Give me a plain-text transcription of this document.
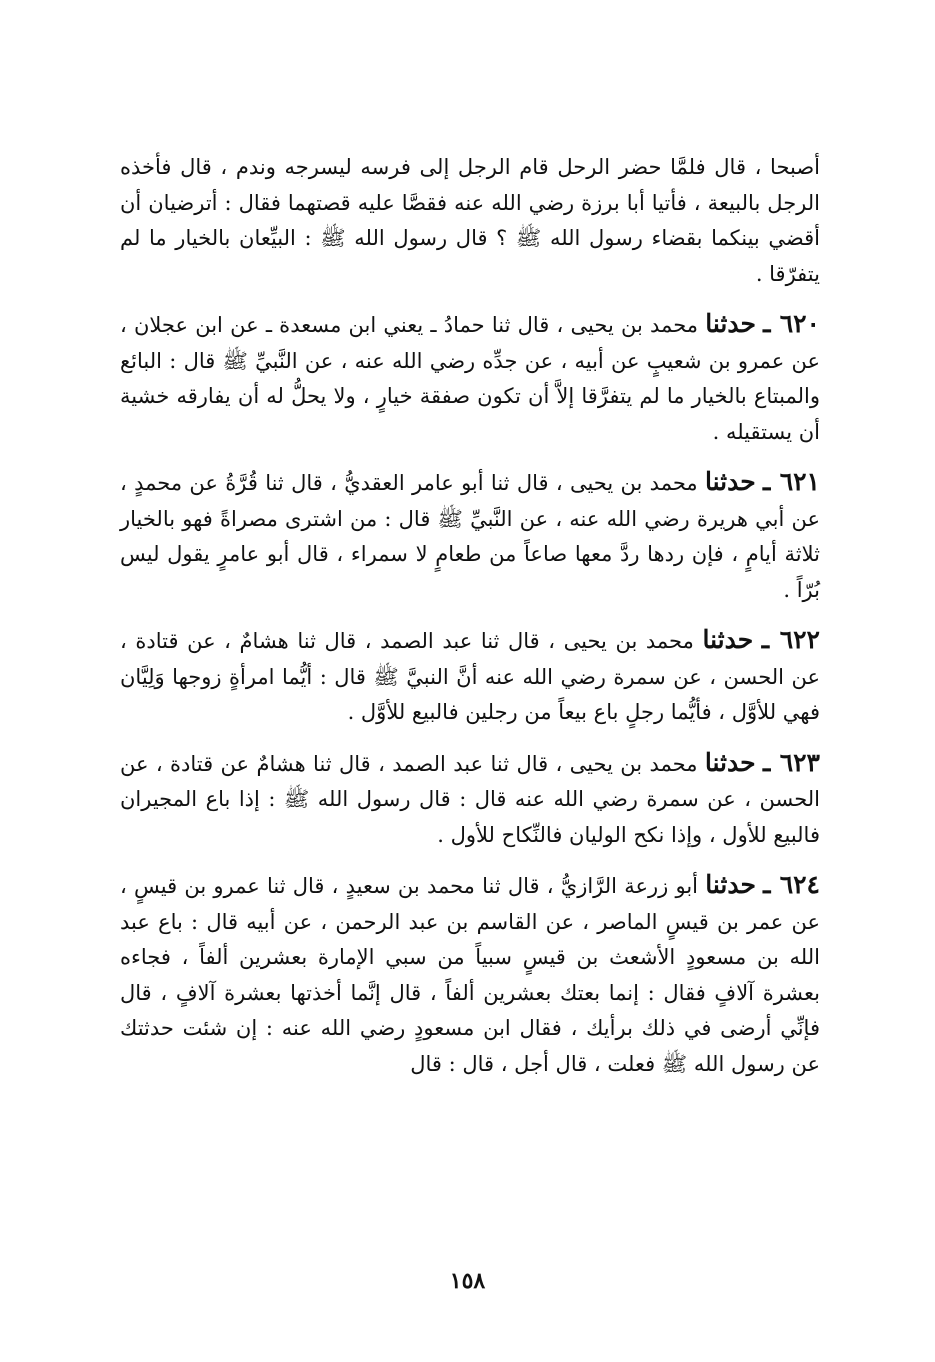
أصبحا ، قال فلمَّا حضر الرحل قام الرجل إلى فرسه ليسرجه وندم ، قال فأخذه الرجل بالبيعة ، فأتيا أبا برزة رضي الله عنه فقصَّا عليه قصتهما فقال : أترضيان أن أقضي بينكما بقضاء رسول الله ﷺ ؟ قال رسول الله ﷺ : البيِّعان بالخيار ما لم يتفرّقا .

٦٢٠ ـ حدثنا محمد بن يحيى ، قال ثنا حمادُ ـ يعني ابن مسعدة ـ عن ابن عجلان ، عن عمرو بن شعيبٍ عن أبيه ، عن جدِّه رضي الله عنه ، عن النَّبيِّ ﷺ قال : البائع والمبتاع بالخيار ما لم يتفرَّقا إلاَّ أن تكون صفقة خيارٍ ، ولا يحلُّ له أن يفارقه خشية أن يستقيله .

٦٢١ ـ حدثنا محمد بن يحيى ، قال ثنا أبو عامر العقديُّ ، قال ثنا قُرَّةُ عن محمدٍ ، عن أبي هريرة رضي الله عنه ، عن النَّبيِّ ﷺ قال : من اشترى مصراةً فهو بالخيار ثلاثة أيامٍ ، فإن ردها ردَّ معها صاعاً من طعامٍ لا سمراء ، قال أبو عامرٍ يقول ليس بُرّاً .

٦٢٢ ـ حدثنا محمد بن يحيى ، قال ثنا عبد الصمد ، قال ثنا هشامٌ ، عن قتادة ، عن الحسن ، عن سمرة رضي الله عنه أنَّ النبيَّ ﷺ قال : أيُّما امرأةٍ زوجها وَلِيَّان فهي للأوَّل ، فأيُّما رجلٍ باع بيعاً من رجلين فالبيع للأوَّل .

٦٢٣ ـ حدثنا محمد بن يحيى ، قال ثنا عبد الصمد ، قال ثنا هشامٌ عن قتادة ، عن الحسن ، عن سمرة رضي الله عنه قال : قال رسول الله ﷺ : إذا باع المجيران فالبيع للأول ، وإذا نكح الوليان فالنِّكاح للأول .

٦٢٤ ـ حدثنا أبو زرعة الرَّازيُّ ، قال ثنا محمد بن سعيدٍ ، قال ثنا عمرو بن قيسٍ ، عن عمر بن قيسٍ الماصر ، عن القاسم بن عبد الرحمن ، عن أبيه قال : باع عبد الله بن مسعودٍ الأشعث بن قيسٍ سبياً من سبي الإمارة بعشرين ألفاً ، فجاءه بعشرة آلافٍ فقال : إنما بعتك بعشرين ألفاً ، قال إنَّما أخذتها بعشرة آلافٍ ، قال فإنِّي أرضى في ذلك برأيك ، فقال ابن مسعودٍ رضي الله عنه : إن شئت حدثتك عن رسول الله ﷺ فعلت ، قال أجل ، قال : قال

١٥٨
